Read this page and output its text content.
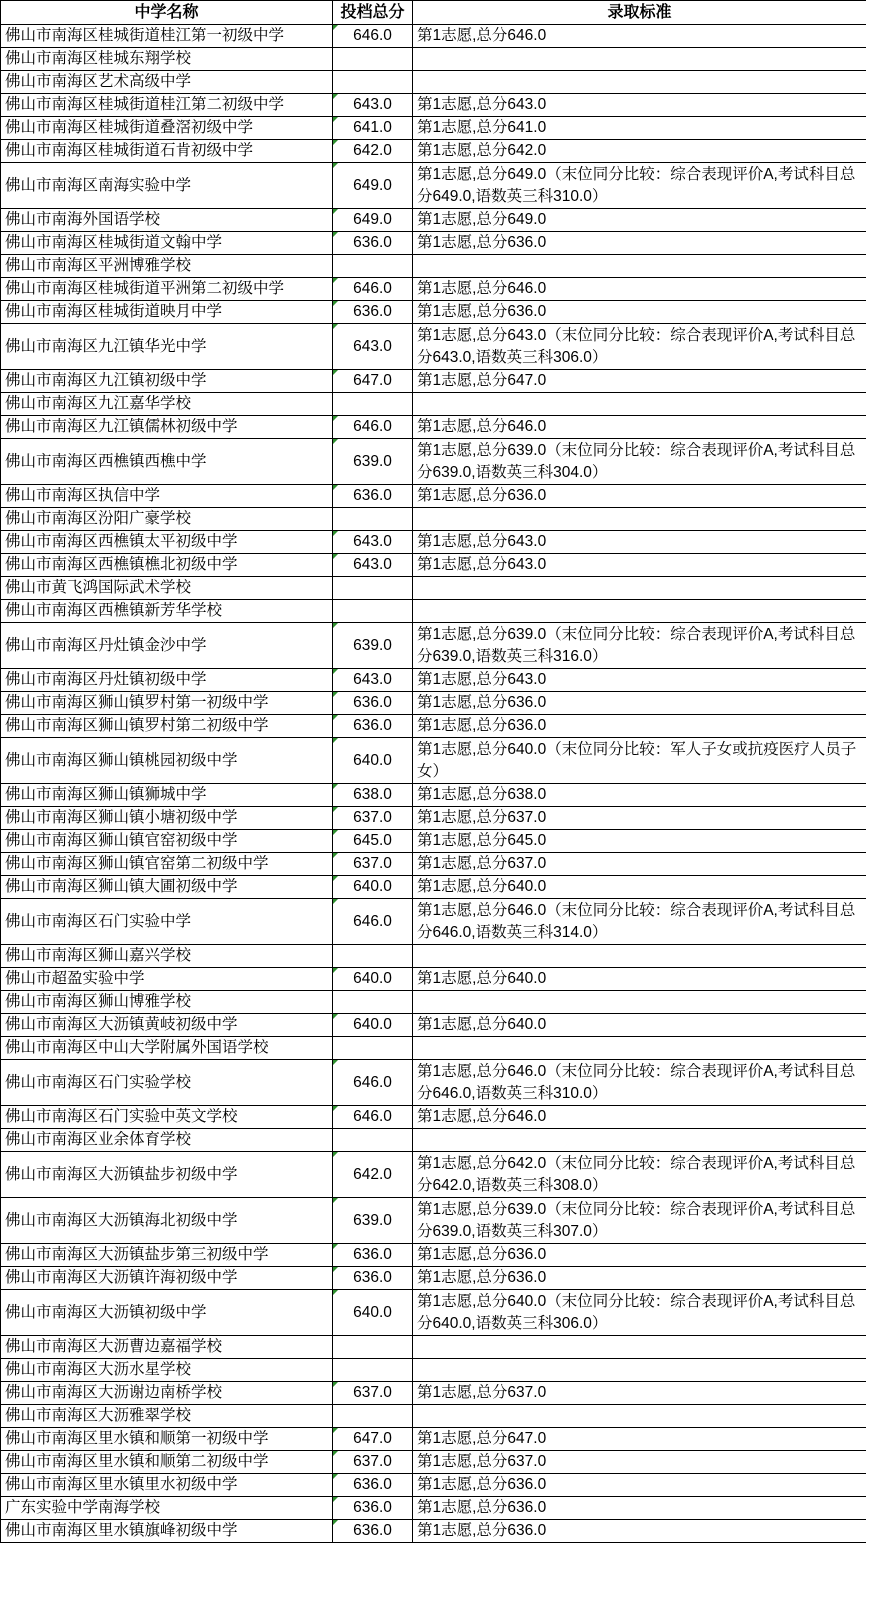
中学名称	投档总分	录取标准
佛山市南海区桂城街道桂江第一初级中学	646.0	第1志愿,总分646.0
佛山市南海区桂城东翔学校		
佛山市南海区艺术高级中学		
佛山市南海区桂城街道桂江第二初级中学	643.0	第1志愿,总分643.0
佛山市南海区桂城街道叠滘初级中学	641.0	第1志愿,总分641.0
佛山市南海区桂城街道石肯初级中学	642.0	第1志愿,总分642.0
佛山市南海区南海实验中学	649.0	第1志愿,总分649.0（末位同分比较：综合表现评价A,考试科目总分649.0,语数英三科310.0）
佛山市南海外国语学校	649.0	第1志愿,总分649.0
佛山市南海区桂城街道文翰中学	636.0	第1志愿,总分636.0
佛山市南海区平洲博雅学校		
佛山市南海区桂城街道平洲第二初级中学	646.0	第1志愿,总分646.0
佛山市南海区桂城街道映月中学	636.0	第1志愿,总分636.0
佛山市南海区九江镇华光中学	643.0	第1志愿,总分643.0（末位同分比较：综合表现评价A,考试科目总分643.0,语数英三科306.0）
佛山市南海区九江镇初级中学	647.0	第1志愿,总分647.0
佛山市南海区九江嘉华学校		
佛山市南海区九江镇儒林初级中学	646.0	第1志愿,总分646.0
佛山市南海区西樵镇西樵中学	639.0	第1志愿,总分639.0（末位同分比较：综合表现评价A,考试科目总分639.0,语数英三科304.0）
佛山市南海区执信中学	636.0	第1志愿,总分636.0
佛山市南海区汾阳广豪学校		
佛山市南海区西樵镇太平初级中学	643.0	第1志愿,总分643.0
佛山市南海区西樵镇樵北初级中学	643.0	第1志愿,总分643.0
佛山市黄飞鸿国际武术学校		
佛山市南海区西樵镇新芳华学校		
佛山市南海区丹灶镇金沙中学	639.0	第1志愿,总分639.0（末位同分比较：综合表现评价A,考试科目总分639.0,语数英三科316.0）
佛山市南海区丹灶镇初级中学	643.0	第1志愿,总分643.0
佛山市南海区狮山镇罗村第一初级中学	636.0	第1志愿,总分636.0
佛山市南海区狮山镇罗村第二初级中学	636.0	第1志愿,总分636.0
佛山市南海区狮山镇桃园初级中学	640.0	第1志愿,总分640.0（末位同分比较：军人子女或抗疫医疗人员子女）
佛山市南海区狮山镇狮城中学	638.0	第1志愿,总分638.0
佛山市南海区狮山镇小塘初级中学	637.0	第1志愿,总分637.0
佛山市南海区狮山镇官窑初级中学	645.0	第1志愿,总分645.0
佛山市南海区狮山镇官窑第二初级中学	637.0	第1志愿,总分637.0
佛山市南海区狮山镇大圃初级中学	640.0	第1志愿,总分640.0
佛山市南海区石门实验中学	646.0	第1志愿,总分646.0（末位同分比较：综合表现评价A,考试科目总分646.0,语数英三科314.0）
佛山市南海区狮山嘉兴学校		
佛山市超盈实验中学	640.0	第1志愿,总分640.0
佛山市南海区狮山博雅学校		
佛山市南海区大沥镇黄岐初级中学	640.0	第1志愿,总分640.0
佛山市南海区中山大学附属外国语学校		
佛山市南海区石门实验学校	646.0	第1志愿,总分646.0（末位同分比较：综合表现评价A,考试科目总分646.0,语数英三科310.0）
佛山市南海区石门实验中英文学校	646.0	第1志愿,总分646.0
佛山市南海区业余体育学校		
佛山市南海区大沥镇盐步初级中学	642.0	第1志愿,总分642.0（末位同分比较：综合表现评价A,考试科目总分642.0,语数英三科308.0）
佛山市南海区大沥镇海北初级中学	639.0	第1志愿,总分639.0（末位同分比较：综合表现评价A,考试科目总分639.0,语数英三科307.0）
佛山市南海区大沥镇盐步第三初级中学	636.0	第1志愿,总分636.0
佛山市南海区大沥镇许海初级中学	636.0	第1志愿,总分636.0
佛山市南海区大沥镇初级中学	640.0	第1志愿,总分640.0（末位同分比较：综合表现评价A,考试科目总分640.0,语数英三科306.0）
佛山市南海区大沥曹边嘉福学校		
佛山市南海区大沥水星学校		
佛山市南海区大沥谢边南桥学校	637.0	第1志愿,总分637.0
佛山市南海区大沥雅翠学校		
佛山市南海区里水镇和顺第一初级中学	647.0	第1志愿,总分647.0
佛山市南海区里水镇和顺第二初级中学	637.0	第1志愿,总分637.0
佛山市南海区里水镇里水初级中学	636.0	第1志愿,总分636.0
广东实验中学南海学校	636.0	第1志愿,总分636.0
佛山市南海区里水镇旗峰初级中学	636.0	第1志愿,总分636.0
